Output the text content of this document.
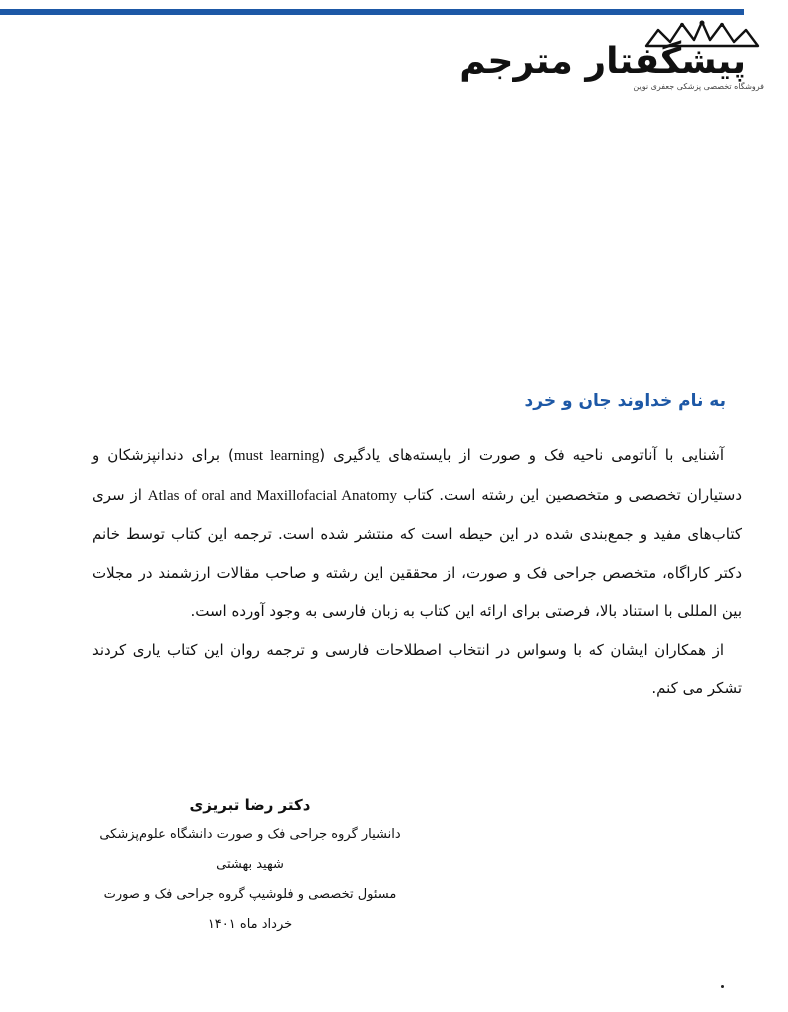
پیشگفتار مترجم
فروشگاه تخصصی پزشکی جعفری نوین
به نام خداوند جان و خرد

آشنایی با آناتومی ناحیه فک و صورت از بایسته‌های یادگیری (must learning) برای دندانپزشکان و دستیاران تخصصی و متخصصین این رشته است. کتاب Atlas of oral and Maxillofacial Anatomy از سری کتاب‌های مفید و جمع‌بندی شده در این حیطه است که منتشر شده است. ترجمه این کتاب توسط خانم دکتر کاراگاه، متخصص جراحی فک و صورت، از محققین این رشته و صاحب مقالات ارزشمند در مجلات بین المللی با استناد بالا، فرصتی برای ارائه این کتاب به زبان فارسی به وجود آورده است.

از همکاران ایشان که با وسواس در انتخاب اصطلاحات فارسی و ترجمه روان این کتاب یاری کردند تشکر می کنم.

دکتر رضا تبریزی
دانشیار گروه جراحی فک و صورت دانشگاه علوم‌پزشکی شهید بهشتی
مسئول تخصصی و فلوشیپ گروه جراحی فک و صورت
خرداد ماه ۱۴۰۱
